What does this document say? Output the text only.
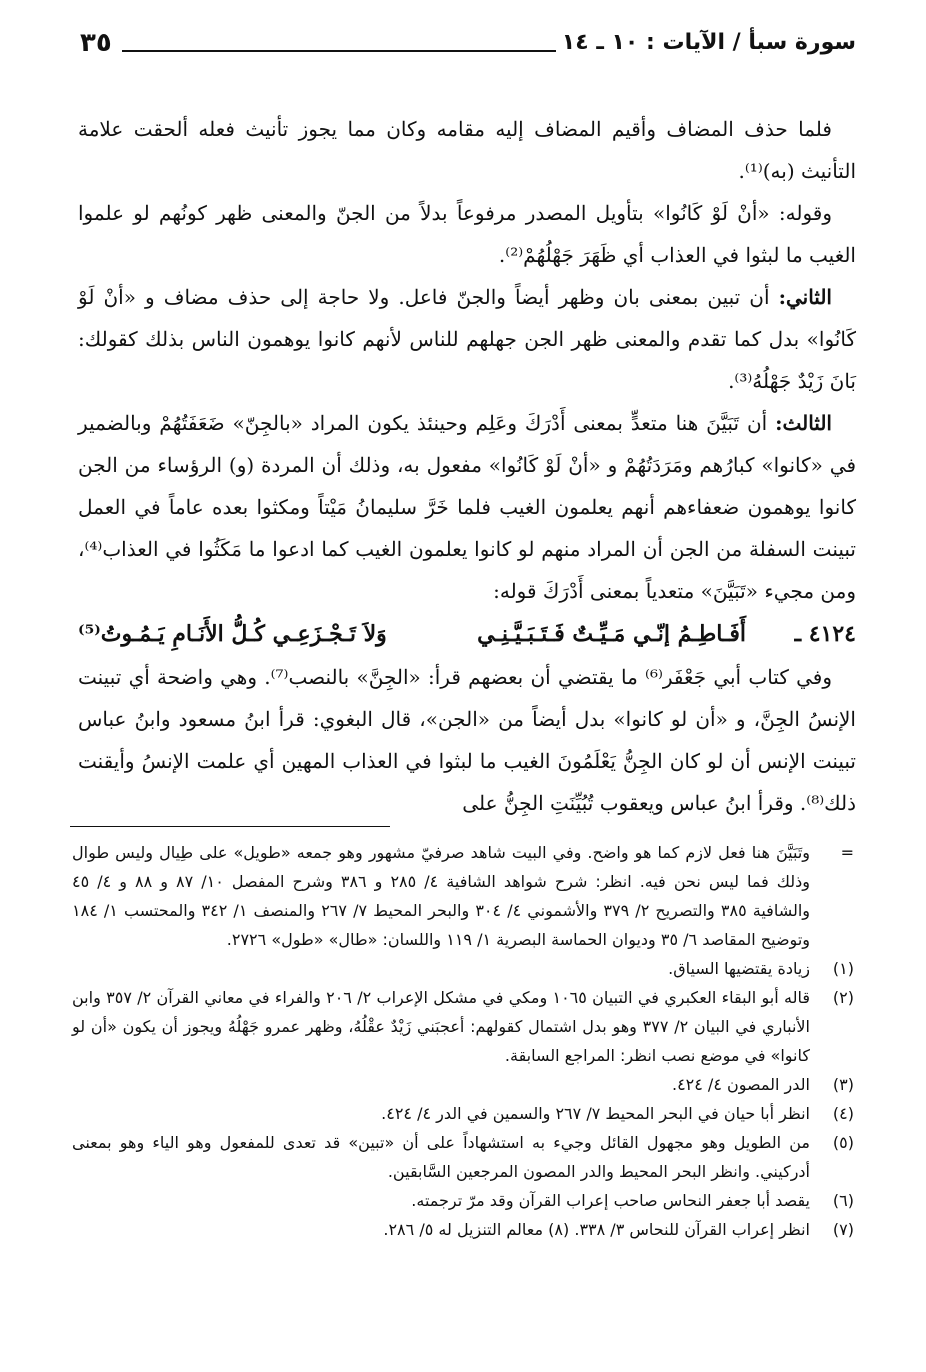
سورة سبأ / الآيات : ١٠ ـ ١٤
٣٥

فلما حذف المضاف وأقيم المضاف إليه مقامه وكان مما يجوز تأنيث فعله ألحقت علامة التأنيث (به)⁽¹⁾.

وقوله: «أنْ لَوْ كَانُوا» بتأويل المصدر مرفوعاً بدلاً من الجنّ والمعنى ظهر كونُهم لو علموا الغيب ما لبثوا في العذاب أي ظَهَرَ جَهْلُهُمْ⁽²⁾.

الثاني: أن تبين بمعنى بان وظهر أيضاً والجنّ فاعل. ولا حاجة إلى حذف مضاف و «أنْ لَوْ كَانُوا» بدل كما تقدم والمعنى ظهر الجن جهلهم للناس لأنهم كانوا يوهمون الناس بذلك كقولك: بَانَ زَيْدٌ جَهْلُهُ⁽³⁾.

الثالث: أن تَبَيَّنَ هنا متعدٍّ بمعنى أَدْرَكَ وعَلِم وحينئذ يكون المراد «بالجِنّ» ضَعَفَتُهُمْ وبالضمير في «كانوا» كبارُهم ومَرَدَتُهُمْ و «أنْ لَوْ كَانُوا» مفعول به، وذلك أن المردة (و) الرؤساء من الجن كانوا يوهمون ضعفاءهم أنهم يعلمون الغيب فلما خَرَّ سليمانُ مَيْتاً ومكثوا بعده عاماً في العمل تبينت السفلة من الجن أن المراد منهم لو كانوا يعلمون الغيب كما ادعوا ما مَكَثُوا في العذاب⁽⁴⁾، ومن مجيء «تَبَيَّنَ» متعدياً بمعنى أَدْرَكَ قوله:

٤١٢٤ ـ
أَفَـاطِـمُ إنّـي مَـيِّـتٌ فَـتَـبَـيَّـنِـي
وَلاَ تَـجْـزَعِـي كُـلُّ الأَنَـامِ يَـمُـوتُ⁽⁵⁾

وفي كتاب أبي جَعْفَر⁽⁶⁾ ما يقتضي أن بعضهم قرأ: «الجِنَّ» بالنصب⁽⁷⁾. وهي واضحة أي تبينت الإنسُ الجِنَّ، و «أن لو كانوا» بدل أيضاً من «الجن»، قال البغوي: قرأ ابنُ مسعود وابنُ عباس تبينت الإنس أن لو كان الجِنُّ يَعْلَمُونَ الغيب ما لبثوا في العذاب المهين أي علمت الإنسُ وأيقنت ذلك⁽⁸⁾. وقرأ ابنُ عباس ويعقوب تُبُيِّنَتِ الجِنُّ على

=
وتَبَيَّنَ هنا فعل لازم كما هو واضح. وفي البيت شاهد صرفيّ مشهور وهو جمعه «طويل» على طِيال وليس طوال وذلك فما ليس نحن فيه. انظر: شرح شواهد الشافية ٤/ ٢٨٥ و ٣٨٦ وشرح المفصل ١٠/ ٨٧ و ٨٨ و ٤/ ٤٥ والشافية ٣٨٥ والتصريح ٢/ ٣٧٩ والأشموني ٤/ ٣٠٤ والبحر المحيط ٧/ ٢٦٧ والمنصف ١/ ٣٤٢ والمحتسب ١/ ١٨٤ وتوضيح المقاصد ٦/ ٣٥ وديوان الحماسة البصرية ١/ ١١٩ واللسان: «طال» «طول» ٢٧٢٦.

(١)
زيادة يقتضيها السياق.

(٢)
قاله أبو البقاء العكبري في التبيان ١٠٦٥ ومكي في مشكل الإعراب ٢/ ٢٠٦ والفراء في معاني القرآن ٢/ ٣٥٧ وابن الأنباري في البيان ٢/ ٣٧٧ وهو بدل اشتمال كقولهم: أعجبَني زَيْدٌ عقْلُهُ، وظهر عمرو جَهْلُهُ ويجوز أن يكون «أن لو كانوا» في موضع نصب انظر: المراجع السابقة.

(٣)
الدر المصون ٤/ ٤٢٤.

(٤)
انظر أبا حيان في البحر المحيط ٧/ ٢٦٧ والسمين في الدر ٤/ ٤٢٤.

(٥)
من الطويل وهو مجهول القائل وجيء به استشهاداً على أن «تبين» قد تعدى للمفعول وهو الياء وهو بمعنى أدركيني. وانظر البحر المحيط والدر المصون المرجعين السَّابقين.

(٦)
يقصد أبا جعفر النحاس صاحب إعراب القرآن وقد مرّ ترجمته.

(٧)
انظر إعراب القرآن للنحاس ٣/ ٣٣٨. (٨) معالم التنزيل له ٥/ ٢٨٦.
